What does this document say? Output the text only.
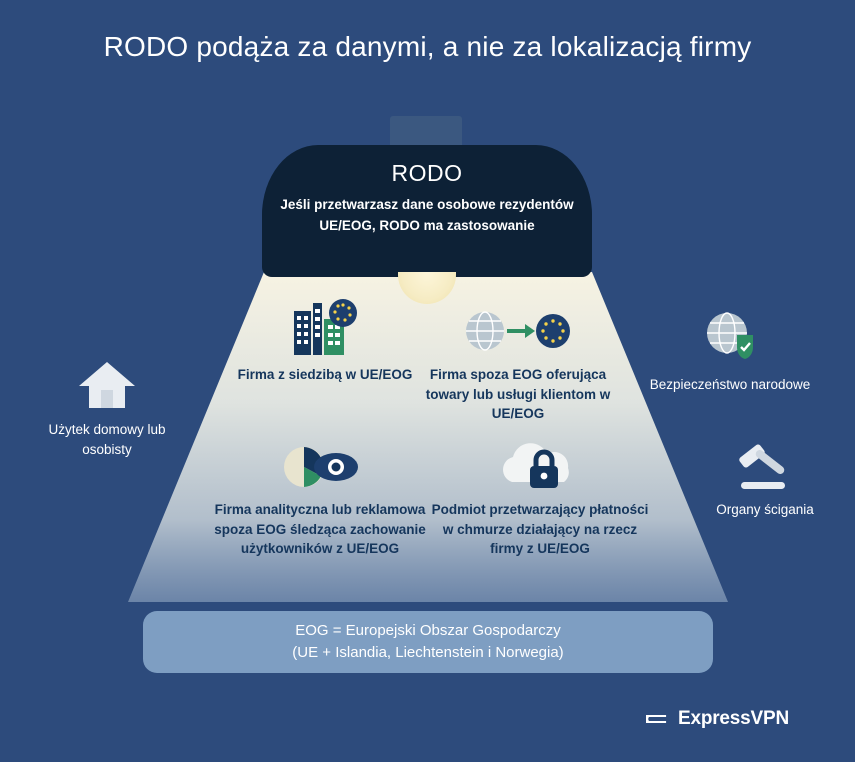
RODO podąża za danymi, a nie za lokalizacją firmy
RODO
Jeśli przetwarzasz dane osobowe rezydentów UE/EOG, RODO ma zastosowanie
Firma z siedzibą w UE/EOG	Firma spoza EOG oferująca towary lub usługi klientom w UE/EOG
Firma analityczna lub reklamowa spoza EOG śledząca zachowanie użytkowników z UE/EOG
Podmiot przetwarzający płatności w chmurze działający na rzecz firmy z UE/EOG
Użytek domowy lub osobisty
Bezpieczeństwo narodowe
Organy ścigania
EOG = Europejski Obszar Gospodarczy
(UE + Islandia, Liechtenstein i Norwegia)
ExpressVPN
